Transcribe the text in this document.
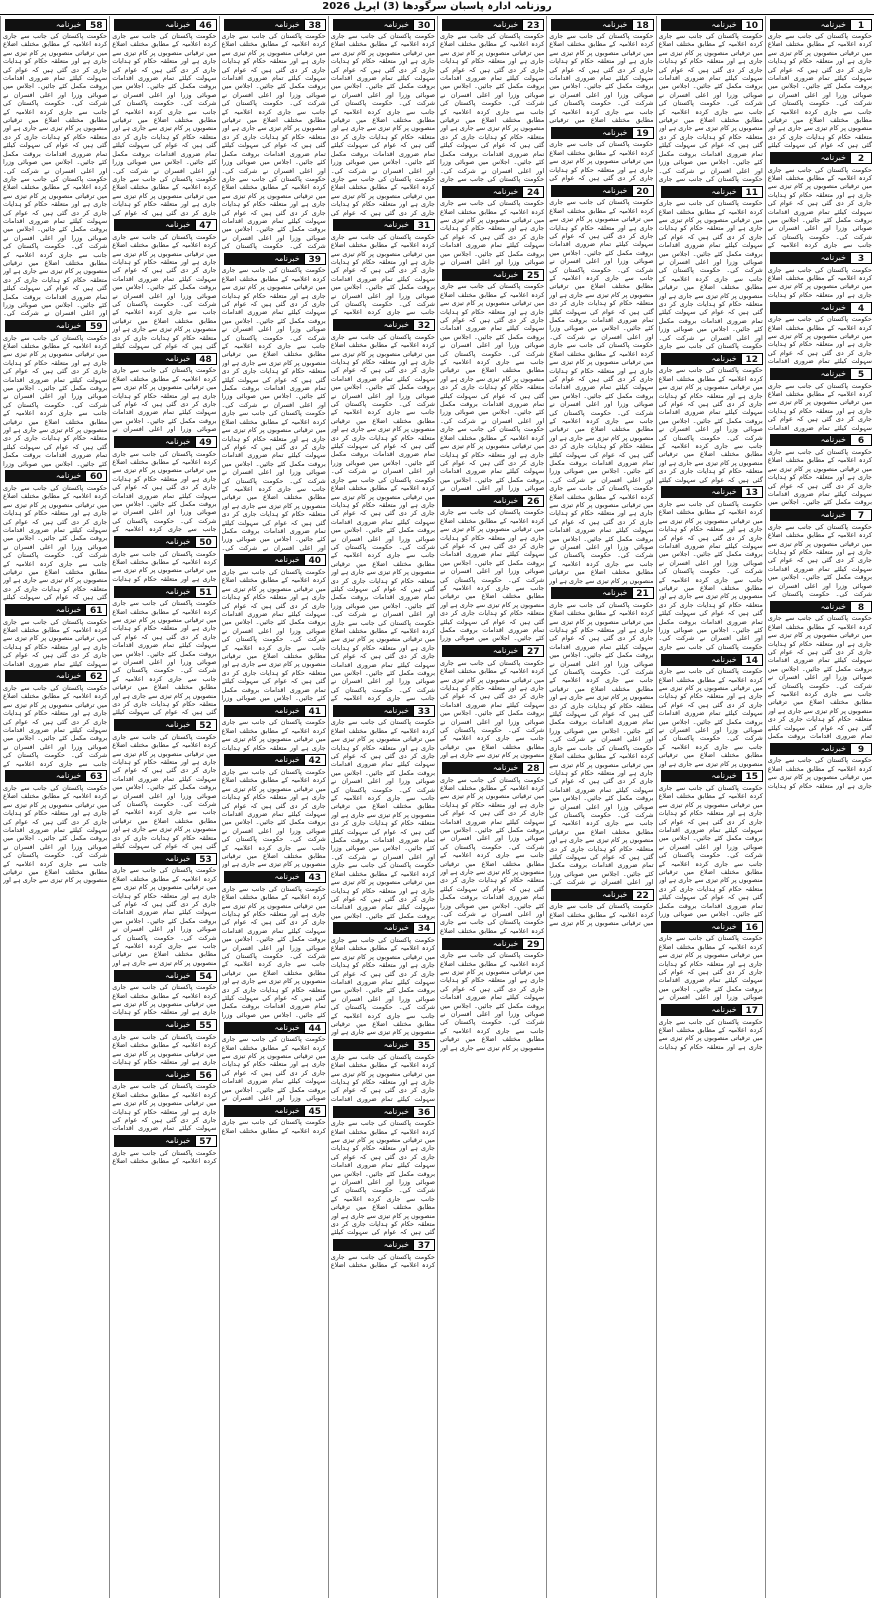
روزنامہ ادارہ پاسبان سرگودھا (3) اپریل 2026
خبرنامہ	1
حکومت پاکستان کی جانب سے جاری کردہ اعلامیہ کے مطابق مختلف اضلاع میں ترقیاتی منصوبوں پر کام تیزی سے جاری ہے اور متعلقہ حکام کو ہدایات جاری کر دی گئی ہیں کہ عوام کی سہولت کیلئے تمام ضروری اقدامات بروقت مکمل کئے جائیں۔ اجلاس میں صوبائی وزرا اور اعلی افسران نے شرکت کی۔ حکومت پاکستان کی جانب سے جاری کردہ اعلامیہ کے مطابق مختلف اضلاع میں ترقیاتی منصوبوں پر کام تیزی سے جاری ہے اور متعلقہ حکام کو ہدایات جاری کر دی گئی ہیں کہ عوام کی سہولت کیلئے
خبرنامہ	2
حکومت پاکستان کی جانب سے جاری کردہ اعلامیہ کے مطابق مختلف اضلاع میں ترقیاتی منصوبوں پر کام تیزی سے جاری ہے اور متعلقہ حکام کو ہدایات جاری کر دی گئی ہیں کہ عوام کی سہولت کیلئے تمام ضروری اقدامات بروقت مکمل کئے جائیں۔ اجلاس میں صوبائی وزرا اور اعلی افسران نے شرکت کی۔ حکومت پاکستان کی جانب سے جاری کردہ اعلامیہ کے
خبرنامہ	3
حکومت پاکستان کی جانب سے جاری کردہ اعلامیہ کے مطابق مختلف اضلاع میں ترقیاتی منصوبوں پر کام تیزی سے جاری ہے اور متعلقہ حکام کو ہدایات
خبرنامہ	4
حکومت پاکستان کی جانب سے جاری کردہ اعلامیہ کے مطابق مختلف اضلاع میں ترقیاتی منصوبوں پر کام تیزی سے جاری ہے اور متعلقہ حکام کو ہدایات جاری کر دی گئی ہیں کہ عوام کی سہولت کیلئے تمام ضروری اقدامات
خبرنامہ	5
حکومت پاکستان کی جانب سے جاری کردہ اعلامیہ کے مطابق مختلف اضلاع میں ترقیاتی منصوبوں پر کام تیزی سے جاری ہے اور متعلقہ حکام کو ہدایات جاری کر دی گئی ہیں کہ عوام کی سہولت کیلئے تمام ضروری اقدامات
خبرنامہ	6
حکومت پاکستان کی جانب سے جاری کردہ اعلامیہ کے مطابق مختلف اضلاع میں ترقیاتی منصوبوں پر کام تیزی سے جاری ہے اور متعلقہ حکام کو ہدایات جاری کر دی گئی ہیں کہ عوام کی سہولت کیلئے تمام ضروری اقدامات بروقت مکمل کئے جائیں۔ اجلاس میں
خبرنامہ	7
حکومت پاکستان کی جانب سے جاری کردہ اعلامیہ کے مطابق مختلف اضلاع میں ترقیاتی منصوبوں پر کام تیزی سے جاری ہے اور متعلقہ حکام کو ہدایات جاری کر دی گئی ہیں کہ عوام کی سہولت کیلئے تمام ضروری اقدامات بروقت مکمل کئے جائیں۔ اجلاس میں صوبائی وزرا اور اعلی افسران نے شرکت کی۔ حکومت پاکستان کی
خبرنامہ	8
حکومت پاکستان کی جانب سے جاری کردہ اعلامیہ کے مطابق مختلف اضلاع میں ترقیاتی منصوبوں پر کام تیزی سے جاری ہے اور متعلقہ حکام کو ہدایات جاری کر دی گئی ہیں کہ عوام کی سہولت کیلئے تمام ضروری اقدامات بروقت مکمل کئے جائیں۔ اجلاس میں صوبائی وزرا اور اعلی افسران نے شرکت کی۔ حکومت پاکستان کی جانب سے جاری کردہ اعلامیہ کے مطابق مختلف اضلاع میں ترقیاتی منصوبوں پر کام تیزی سے جاری ہے اور متعلقہ حکام کو ہدایات جاری کر دی گئی ہیں کہ عوام کی سہولت کیلئے تمام ضروری اقدامات بروقت مکمل
خبرنامہ	9
حکومت پاکستان کی جانب سے جاری کردہ اعلامیہ کے مطابق مختلف اضلاع میں ترقیاتی منصوبوں پر کام تیزی سے جاری ہے اور متعلقہ حکام کو ہدایات
خبرنامہ 10
حکومت پاکستان کی جانب سے جاری کردہ اعلامیہ کے مطابق مختلف اضلاع میں ترقیاتی منصوبوں پر کام تیزی سے جاری ہے اور متعلقہ حکام کو ہدایات جاری کر دی گئی ہیں کہ عوام کی سہولت کیلئے تمام ضروری اقدامات بروقت مکمل کئے جائیں۔ اجلاس میں صوبائی وزرا اور اعلی افسران نے شرکت کی۔ حکومت پاکستان کی جانب سے جاری کردہ اعلامیہ کے مطابق مختلف اضلاع میں ترقیاتی منصوبوں پر کام تیزی سے جاری ہے اور متعلقہ حکام کو ہدایات جاری کر دی گئی ہیں کہ عوام کی سہولت کیلئے تمام ضروری اقدامات بروقت مکمل کئے جائیں۔ اجلاس میں صوبائی وزرا اور اعلی افسران نے شرکت کی۔ حکومت پاکستان کی جانب سے جاری
خبرنامہ 11
حکومت پاکستان کی جانب سے جاری کردہ اعلامیہ کے مطابق مختلف اضلاع میں ترقیاتی منصوبوں پر کام تیزی سے جاری ہے اور متعلقہ حکام کو ہدایات جاری کر دی گئی ہیں کہ عوام کی سہولت کیلئے تمام ضروری اقدامات بروقت مکمل کئے جائیں۔ اجلاس میں صوبائی وزرا اور اعلی افسران نے شرکت کی۔ حکومت پاکستان کی جانب سے جاری کردہ اعلامیہ کے مطابق مختلف اضلاع میں ترقیاتی منصوبوں پر کام تیزی سے جاری ہے اور متعلقہ حکام کو ہدایات جاری کر دی گئی ہیں کہ عوام کی سہولت کیلئے تمام ضروری اقدامات بروقت مکمل کئے جائیں۔ اجلاس میں صوبائی وزرا اور اعلی افسران نے شرکت کی۔ حکومت پاکستان کی جانب سے جاری
خبرنامہ 12
حکومت پاکستان کی جانب سے جاری کردہ اعلامیہ کے مطابق مختلف اضلاع میں ترقیاتی منصوبوں پر کام تیزی سے جاری ہے اور متعلقہ حکام کو ہدایات جاری کر دی گئی ہیں کہ عوام کی سہولت کیلئے تمام ضروری اقدامات بروقت مکمل کئے جائیں۔ اجلاس میں صوبائی وزرا اور اعلی افسران نے شرکت کی۔ حکومت پاکستان کی جانب سے جاری کردہ اعلامیہ کے مطابق مختلف اضلاع میں ترقیاتی منصوبوں پر کام تیزی سے جاری ہے اور متعلقہ حکام کو ہدایات جاری کر دی گئی ہیں کہ عوام کی سہولت کیلئے
خبرنامہ 13
حکومت پاکستان کی جانب سے جاری کردہ اعلامیہ کے مطابق مختلف اضلاع میں ترقیاتی منصوبوں پر کام تیزی سے جاری ہے اور متعلقہ حکام کو ہدایات جاری کر دی گئی ہیں کہ عوام کی سہولت کیلئے تمام ضروری اقدامات بروقت مکمل کئے جائیں۔ اجلاس میں صوبائی وزرا اور اعلی افسران نے شرکت کی۔ حکومت پاکستان کی جانب سے جاری کردہ اعلامیہ کے مطابق مختلف اضلاع میں ترقیاتی منصوبوں پر کام تیزی سے جاری ہے اور متعلقہ حکام کو ہدایات جاری کر دی گئی ہیں کہ عوام کی سہولت کیلئے تمام ضروری اقدامات بروقت مکمل کئے جائیں۔ اجلاس میں صوبائی وزرا اور اعلی افسران نے شرکت کی۔ حکومت پاکستان کی جانب سے جاری
خبرنامہ 14
حکومت پاکستان کی جانب سے جاری کردہ اعلامیہ کے مطابق مختلف اضلاع میں ترقیاتی منصوبوں پر کام تیزی سے جاری ہے اور متعلقہ حکام کو ہدایات جاری کر دی گئی ہیں کہ عوام کی سہولت کیلئے تمام ضروری اقدامات بروقت مکمل کئے جائیں۔ اجلاس میں صوبائی وزرا اور اعلی افسران نے شرکت کی۔ حکومت پاکستان کی جانب سے جاری کردہ اعلامیہ کے مطابق مختلف اضلاع میں ترقیاتی منصوبوں پر کام تیزی سے جاری ہے اور
خبرنامہ 15
حکومت پاکستان کی جانب سے جاری کردہ اعلامیہ کے مطابق مختلف اضلاع میں ترقیاتی منصوبوں پر کام تیزی سے جاری ہے اور متعلقہ حکام کو ہدایات جاری کر دی گئی ہیں کہ عوام کی سہولت کیلئے تمام ضروری اقدامات بروقت مکمل کئے جائیں۔ اجلاس میں صوبائی وزرا اور اعلی افسران نے شرکت کی۔ حکومت پاکستان کی جانب سے جاری کردہ اعلامیہ کے مطابق مختلف اضلاع میں ترقیاتی منصوبوں پر کام تیزی سے جاری ہے اور متعلقہ حکام کو ہدایات جاری کر دی گئی ہیں کہ عوام کی سہولت کیلئے تمام ضروری اقدامات بروقت مکمل کئے جائیں۔ اجلاس میں صوبائی وزرا
خبرنامہ 16
حکومت پاکستان کی جانب سے جاری کردہ اعلامیہ کے مطابق مختلف اضلاع میں ترقیاتی منصوبوں پر کام تیزی سے جاری ہے اور متعلقہ حکام کو ہدایات جاری کر دی گئی ہیں کہ عوام کی سہولت کیلئے تمام ضروری اقدامات بروقت مکمل کئے جائیں۔ اجلاس میں صوبائی وزرا اور اعلی افسران نے
خبرنامہ 17
حکومت پاکستان کی جانب سے جاری کردہ اعلامیہ کے مطابق مختلف اضلاع میں ترقیاتی منصوبوں پر کام تیزی سے جاری ہے اور متعلقہ حکام کو ہدایات
خبرنامہ 18
حکومت پاکستان کی جانب سے جاری کردہ اعلامیہ کے مطابق مختلف اضلاع میں ترقیاتی منصوبوں پر کام تیزی سے جاری ہے اور متعلقہ حکام کو ہدایات جاری کر دی گئی ہیں کہ عوام کی سہولت کیلئے تمام ضروری اقدامات بروقت مکمل کئے جائیں۔ اجلاس میں صوبائی وزرا اور اعلی افسران نے شرکت کی۔ حکومت پاکستان کی جانب سے جاری کردہ اعلامیہ کے مطابق مختلف اضلاع میں ترقیاتی
خبرنامہ 19
حکومت پاکستان کی جانب سے جاری کردہ اعلامیہ کے مطابق مختلف اضلاع میں ترقیاتی منصوبوں پر کام تیزی سے جاری ہے اور متعلقہ حکام کو ہدایات جاری کر دی گئی ہیں کہ عوام کی
خبرنامہ 20
حکومت پاکستان کی جانب سے جاری کردہ اعلامیہ کے مطابق مختلف اضلاع میں ترقیاتی منصوبوں پر کام تیزی سے جاری ہے اور متعلقہ حکام کو ہدایات جاری کر دی گئی ہیں کہ عوام کی سہولت کیلئے تمام ضروری اقدامات بروقت مکمل کئے جائیں۔ اجلاس میں صوبائی وزرا اور اعلی افسران نے شرکت کی۔ حکومت پاکستان کی جانب سے جاری کردہ اعلامیہ کے مطابق مختلف اضلاع میں ترقیاتی منصوبوں پر کام تیزی سے جاری ہے اور متعلقہ حکام کو ہدایات جاری کر دی گئی ہیں کہ عوام کی سہولت کیلئے تمام ضروری اقدامات بروقت مکمل کئے جائیں۔ اجلاس میں صوبائی وزرا اور اعلی افسران نے شرکت کی۔ حکومت پاکستان کی جانب سے جاری کردہ اعلامیہ کے مطابق مختلف اضلاع میں ترقیاتی منصوبوں پر کام تیزی سے جاری ہے اور متعلقہ حکام کو ہدایات جاری کر دی گئی ہیں کہ عوام کی سہولت کیلئے تمام ضروری اقدامات بروقت مکمل کئے جائیں۔ اجلاس میں صوبائی وزرا اور اعلی افسران نے شرکت کی۔ حکومت پاکستان کی جانب سے جاری کردہ اعلامیہ کے مطابق مختلف اضلاع میں ترقیاتی منصوبوں پر کام تیزی سے جاری ہے اور متعلقہ حکام کو ہدایات جاری کر دی گئی ہیں کہ عوام کی سہولت کیلئے تمام ضروری اقدامات بروقت مکمل کئے جائیں۔ اجلاس میں صوبائی وزرا اور اعلی افسران نے شرکت کی۔ حکومت پاکستان کی جانب سے جاری کردہ اعلامیہ کے مطابق مختلف اضلاع میں ترقیاتی منصوبوں پر کام تیزی سے جاری ہے اور متعلقہ حکام کو ہدایات جاری کر دی گئی ہیں کہ عوام کی سہولت کیلئے تمام ضروری اقدامات بروقت مکمل کئے جائیں۔ اجلاس میں صوبائی وزرا اور اعلی افسران نے شرکت کی۔ حکومت پاکستان کی جانب سے جاری کردہ اعلامیہ کے مطابق مختلف اضلاع میں ترقیاتی منصوبوں پر کام تیزی سے جاری ہے اور
خبرنامہ 21
حکومت پاکستان کی جانب سے جاری کردہ اعلامیہ کے مطابق مختلف اضلاع میں ترقیاتی منصوبوں پر کام تیزی سے جاری ہے اور متعلقہ حکام کو ہدایات جاری کر دی گئی ہیں کہ عوام کی سہولت کیلئے تمام ضروری اقدامات بروقت مکمل کئے جائیں۔ اجلاس میں صوبائی وزرا اور اعلی افسران نے شرکت کی۔ حکومت پاکستان کی جانب سے جاری کردہ اعلامیہ کے مطابق مختلف اضلاع میں ترقیاتی منصوبوں پر کام تیزی سے جاری ہے اور متعلقہ حکام کو ہدایات جاری کر دی گئی ہیں کہ عوام کی سہولت کیلئے تمام ضروری اقدامات بروقت مکمل کئے جائیں۔ اجلاس میں صوبائی وزرا اور اعلی افسران نے شرکت کی۔ حکومت پاکستان کی جانب سے جاری کردہ اعلامیہ کے مطابق مختلف اضلاع میں ترقیاتی منصوبوں پر کام تیزی سے جاری ہے اور متعلقہ حکام کو ہدایات جاری کر دی گئی ہیں کہ عوام کی سہولت کیلئے تمام ضروری اقدامات بروقت مکمل کئے جائیں۔ اجلاس میں صوبائی وزرا اور اعلی افسران نے شرکت کی۔ حکومت پاکستان کی جانب سے جاری کردہ اعلامیہ کے مطابق مختلف اضلاع میں ترقیاتی منصوبوں پر کام تیزی سے جاری ہے اور متعلقہ حکام کو ہدایات جاری کر دی گئی ہیں کہ عوام کی سہولت کیلئے تمام ضروری اقدامات بروقت مکمل کئے جائیں۔ اجلاس میں صوبائی وزرا اور اعلی افسران نے شرکت کی۔
خبرنامہ 22
حکومت پاکستان کی جانب سے جاری کردہ اعلامیہ کے مطابق مختلف اضلاع میں ترقیاتی منصوبوں پر کام تیزی سے
خبرنامہ 23
حکومت پاکستان کی جانب سے جاری کردہ اعلامیہ کے مطابق مختلف اضلاع میں ترقیاتی منصوبوں پر کام تیزی سے جاری ہے اور متعلقہ حکام کو ہدایات جاری کر دی گئی ہیں کہ عوام کی سہولت کیلئے تمام ضروری اقدامات بروقت مکمل کئے جائیں۔ اجلاس میں صوبائی وزرا اور اعلی افسران نے شرکت کی۔ حکومت پاکستان کی جانب سے جاری کردہ اعلامیہ کے مطابق مختلف اضلاع میں ترقیاتی منصوبوں پر کام تیزی سے جاری ہے اور متعلقہ حکام کو ہدایات جاری کر دی گئی ہیں کہ عوام کی سہولت کیلئے تمام ضروری اقدامات بروقت مکمل کئے جائیں۔ اجلاس میں صوبائی وزرا اور اعلی افسران نے شرکت کی۔ حکومت پاکستان کی جانب سے جاری
خبرنامہ 24
حکومت پاکستان کی جانب سے جاری کردہ اعلامیہ کے مطابق مختلف اضلاع میں ترقیاتی منصوبوں پر کام تیزی سے جاری ہے اور متعلقہ حکام کو ہدایات جاری کر دی گئی ہیں کہ عوام کی سہولت کیلئے تمام ضروری اقدامات بروقت مکمل کئے جائیں۔ اجلاس میں صوبائی وزرا اور اعلی افسران نے
خبرنامہ 25
حکومت پاکستان کی جانب سے جاری کردہ اعلامیہ کے مطابق مختلف اضلاع میں ترقیاتی منصوبوں پر کام تیزی سے جاری ہے اور متعلقہ حکام کو ہدایات جاری کر دی گئی ہیں کہ عوام کی سہولت کیلئے تمام ضروری اقدامات بروقت مکمل کئے جائیں۔ اجلاس میں صوبائی وزرا اور اعلی افسران نے شرکت کی۔ حکومت پاکستان کی جانب سے جاری کردہ اعلامیہ کے مطابق مختلف اضلاع میں ترقیاتی منصوبوں پر کام تیزی سے جاری ہے اور متعلقہ حکام کو ہدایات جاری کر دی گئی ہیں کہ عوام کی سہولت کیلئے تمام ضروری اقدامات بروقت مکمل کئے جائیں۔ اجلاس میں صوبائی وزرا اور اعلی افسران نے شرکت کی۔ حکومت پاکستان کی جانب سے جاری کردہ اعلامیہ کے مطابق مختلف اضلاع میں ترقیاتی منصوبوں پر کام تیزی سے جاری ہے اور متعلقہ حکام کو ہدایات جاری کر دی گئی ہیں کہ عوام کی سہولت کیلئے تمام ضروری اقدامات بروقت مکمل کئے جائیں۔ اجلاس میں صوبائی وزرا اور اعلی افسران نے
خبرنامہ 26
حکومت پاکستان کی جانب سے جاری کردہ اعلامیہ کے مطابق مختلف اضلاع میں ترقیاتی منصوبوں پر کام تیزی سے جاری ہے اور متعلقہ حکام کو ہدایات جاری کر دی گئی ہیں کہ عوام کی سہولت کیلئے تمام ضروری اقدامات بروقت مکمل کئے جائیں۔ اجلاس میں صوبائی وزرا اور اعلی افسران نے شرکت کی۔ حکومت پاکستان کی جانب سے جاری کردہ اعلامیہ کے مطابق مختلف اضلاع میں ترقیاتی منصوبوں پر کام تیزی سے جاری ہے اور متعلقہ حکام کو ہدایات جاری کر دی گئی ہیں کہ عوام کی سہولت کیلئے تمام ضروری اقدامات بروقت مکمل کئے جائیں۔ اجلاس میں صوبائی وزرا
خبرنامہ 27
حکومت پاکستان کی جانب سے جاری کردہ اعلامیہ کے مطابق مختلف اضلاع میں ترقیاتی منصوبوں پر کام تیزی سے جاری ہے اور متعلقہ حکام کو ہدایات جاری کر دی گئی ہیں کہ عوام کی سہولت کیلئے تمام ضروری اقدامات بروقت مکمل کئے جائیں۔ اجلاس میں صوبائی وزرا اور اعلی افسران نے شرکت کی۔ حکومت پاکستان کی جانب سے جاری کردہ اعلامیہ کے مطابق مختلف اضلاع میں ترقیاتی منصوبوں پر کام تیزی سے جاری ہے اور
خبرنامہ 28
حکومت پاکستان کی جانب سے جاری کردہ اعلامیہ کے مطابق مختلف اضلاع میں ترقیاتی منصوبوں پر کام تیزی سے جاری ہے اور متعلقہ حکام کو ہدایات جاری کر دی گئی ہیں کہ عوام کی سہولت کیلئے تمام ضروری اقدامات بروقت مکمل کئے جائیں۔ اجلاس میں صوبائی وزرا اور اعلی افسران نے شرکت کی۔ حکومت پاکستان کی جانب سے جاری کردہ اعلامیہ کے مطابق مختلف اضلاع میں ترقیاتی منصوبوں پر کام تیزی سے جاری ہے اور متعلقہ حکام کو ہدایات جاری کر دی گئی ہیں کہ عوام کی سہولت کیلئے تمام ضروری اقدامات بروقت مکمل کئے جائیں۔ اجلاس میں صوبائی وزرا اور اعلی افسران نے شرکت کی۔ حکومت پاکستان کی جانب سے جاری کردہ اعلامیہ کے مطابق مختلف اضلاع
خبرنامہ 29
حکومت پاکستان کی جانب سے جاری کردہ اعلامیہ کے مطابق مختلف اضلاع میں ترقیاتی منصوبوں پر کام تیزی سے جاری ہے اور متعلقہ حکام کو ہدایات جاری کر دی گئی ہیں کہ عوام کی سہولت کیلئے تمام ضروری اقدامات بروقت مکمل کئے جائیں۔ اجلاس میں صوبائی وزرا اور اعلی افسران نے شرکت کی۔ حکومت پاکستان کی جانب سے جاری کردہ اعلامیہ کے مطابق مختلف اضلاع میں ترقیاتی منصوبوں پر کام تیزی سے جاری ہے اور
خبرنامہ 30
حکومت پاکستان کی جانب سے جاری کردہ اعلامیہ کے مطابق مختلف اضلاع میں ترقیاتی منصوبوں پر کام تیزی سے جاری ہے اور متعلقہ حکام کو ہدایات جاری کر دی گئی ہیں کہ عوام کی سہولت کیلئے تمام ضروری اقدامات بروقت مکمل کئے جائیں۔ اجلاس میں صوبائی وزرا اور اعلی افسران نے شرکت کی۔ حکومت پاکستان کی جانب سے جاری کردہ اعلامیہ کے مطابق مختلف اضلاع میں ترقیاتی منصوبوں پر کام تیزی سے جاری ہے اور متعلقہ حکام کو ہدایات جاری کر دی گئی ہیں کہ عوام کی سہولت کیلئے تمام ضروری اقدامات بروقت مکمل کئے جائیں۔ اجلاس میں صوبائی وزرا اور اعلی افسران نے شرکت کی۔ حکومت پاکستان کی جانب سے جاری کردہ اعلامیہ کے مطابق مختلف اضلاع میں ترقیاتی منصوبوں پر کام تیزی سے جاری ہے اور متعلقہ حکام کو ہدایات جاری کر دی گئی ہیں کہ عوام کی
خبرنامہ 31
حکومت پاکستان کی جانب سے جاری کردہ اعلامیہ کے مطابق مختلف اضلاع میں ترقیاتی منصوبوں پر کام تیزی سے جاری ہے اور متعلقہ حکام کو ہدایات جاری کر دی گئی ہیں کہ عوام کی سہولت کیلئے تمام ضروری اقدامات بروقت مکمل کئے جائیں۔ اجلاس میں صوبائی وزرا اور اعلی افسران نے شرکت کی۔ حکومت پاکستان کی جانب سے جاری کردہ اعلامیہ کے
خبرنامہ 32
حکومت پاکستان کی جانب سے جاری کردہ اعلامیہ کے مطابق مختلف اضلاع میں ترقیاتی منصوبوں پر کام تیزی سے جاری ہے اور متعلقہ حکام کو ہدایات جاری کر دی گئی ہیں کہ عوام کی سہولت کیلئے تمام ضروری اقدامات بروقت مکمل کئے جائیں۔ اجلاس میں صوبائی وزرا اور اعلی افسران نے شرکت کی۔ حکومت پاکستان کی جانب سے جاری کردہ اعلامیہ کے مطابق مختلف اضلاع میں ترقیاتی منصوبوں پر کام تیزی سے جاری ہے اور متعلقہ حکام کو ہدایات جاری کر دی گئی ہیں کہ عوام کی سہولت کیلئے تمام ضروری اقدامات بروقت مکمل کئے جائیں۔ اجلاس میں صوبائی وزرا اور اعلی افسران نے شرکت کی۔ حکومت پاکستان کی جانب سے جاری کردہ اعلامیہ کے مطابق مختلف اضلاع میں ترقیاتی منصوبوں پر کام تیزی سے جاری ہے اور متعلقہ حکام کو ہدایات جاری کر دی گئی ہیں کہ عوام کی سہولت کیلئے تمام ضروری اقدامات بروقت مکمل کئے جائیں۔ اجلاس میں صوبائی وزرا اور اعلی افسران نے شرکت کی۔ حکومت پاکستان کی جانب سے جاری کردہ اعلامیہ کے مطابق مختلف اضلاع میں ترقیاتی منصوبوں پر کام تیزی سے جاری ہے اور متعلقہ حکام کو ہدایات جاری کر دی گئی ہیں کہ عوام کی سہولت کیلئے تمام ضروری اقدامات بروقت مکمل کئے جائیں۔ اجلاس میں صوبائی وزرا اور اعلی افسران نے شرکت کی۔ حکومت پاکستان کی جانب سے جاری کردہ اعلامیہ کے مطابق مختلف اضلاع میں ترقیاتی منصوبوں پر کام تیزی سے جاری ہے اور متعلقہ حکام کو ہدایات جاری کر دی گئی ہیں کہ عوام کی سہولت کیلئے تمام ضروری اقدامات بروقت مکمل کئے جائیں۔ اجلاس میں صوبائی وزرا اور اعلی افسران نے شرکت کی۔ حکومت پاکستان کی جانب سے جاری کردہ اعلامیہ کے
خبرنامہ 33
حکومت پاکستان کی جانب سے جاری کردہ اعلامیہ کے مطابق مختلف اضلاع میں ترقیاتی منصوبوں پر کام تیزی سے جاری ہے اور متعلقہ حکام کو ہدایات جاری کر دی گئی ہیں کہ عوام کی سہولت کیلئے تمام ضروری اقدامات بروقت مکمل کئے جائیں۔ اجلاس میں صوبائی وزرا اور اعلی افسران نے شرکت کی۔ حکومت پاکستان کی جانب سے جاری کردہ اعلامیہ کے مطابق مختلف اضلاع میں ترقیاتی منصوبوں پر کام تیزی سے جاری ہے اور متعلقہ حکام کو ہدایات جاری کر دی گئی ہیں کہ عوام کی سہولت کیلئے تمام ضروری اقدامات بروقت مکمل کئے جائیں۔ اجلاس میں صوبائی وزرا اور اعلی افسران نے شرکت کی۔ حکومت پاکستان کی جانب سے جاری کردہ اعلامیہ کے مطابق مختلف اضلاع میں ترقیاتی منصوبوں پر کام تیزی سے جاری ہے اور متعلقہ حکام کو ہدایات جاری کر دی گئی ہیں کہ عوام کی سہولت کیلئے تمام ضروری اقدامات بروقت مکمل کئے جائیں۔ اجلاس میں
خبرنامہ 34
حکومت پاکستان کی جانب سے جاری کردہ اعلامیہ کے مطابق مختلف اضلاع میں ترقیاتی منصوبوں پر کام تیزی سے جاری ہے اور متعلقہ حکام کو ہدایات جاری کر دی گئی ہیں کہ عوام کی سہولت کیلئے تمام ضروری اقدامات بروقت مکمل کئے جائیں۔ اجلاس میں صوبائی وزرا اور اعلی افسران نے شرکت کی۔ حکومت پاکستان کی جانب سے جاری کردہ اعلامیہ کے مطابق مختلف اضلاع میں ترقیاتی منصوبوں پر کام تیزی سے جاری ہے اور
خبرنامہ 35
حکومت پاکستان کی جانب سے جاری کردہ اعلامیہ کے مطابق مختلف اضلاع میں ترقیاتی منصوبوں پر کام تیزی سے جاری ہے اور متعلقہ حکام کو ہدایات جاری کر دی گئی ہیں کہ عوام کی سہولت کیلئے تمام ضروری اقدامات
خبرنامہ 36
حکومت پاکستان کی جانب سے جاری کردہ اعلامیہ کے مطابق مختلف اضلاع میں ترقیاتی منصوبوں پر کام تیزی سے جاری ہے اور متعلقہ حکام کو ہدایات جاری کر دی گئی ہیں کہ عوام کی سہولت کیلئے تمام ضروری اقدامات بروقت مکمل کئے جائیں۔ اجلاس میں صوبائی وزرا اور اعلی افسران نے شرکت کی۔ حکومت پاکستان کی جانب سے جاری کردہ اعلامیہ کے مطابق مختلف اضلاع میں ترقیاتی منصوبوں پر کام تیزی سے جاری ہے اور متعلقہ حکام کو ہدایات جاری کر دی گئی ہیں کہ عوام کی سہولت کیلئے
خبرنامہ 37
حکومت پاکستان کی جانب سے جاری کردہ اعلامیہ کے مطابق مختلف اضلاع
خبرنامہ 38
حکومت پاکستان کی جانب سے جاری کردہ اعلامیہ کے مطابق مختلف اضلاع میں ترقیاتی منصوبوں پر کام تیزی سے جاری ہے اور متعلقہ حکام کو ہدایات جاری کر دی گئی ہیں کہ عوام کی سہولت کیلئے تمام ضروری اقدامات بروقت مکمل کئے جائیں۔ اجلاس میں صوبائی وزرا اور اعلی افسران نے شرکت کی۔ حکومت پاکستان کی جانب سے جاری کردہ اعلامیہ کے مطابق مختلف اضلاع میں ترقیاتی منصوبوں پر کام تیزی سے جاری ہے اور متعلقہ حکام کو ہدایات جاری کر دی گئی ہیں کہ عوام کی سہولت کیلئے تمام ضروری اقدامات بروقت مکمل کئے جائیں۔ اجلاس میں صوبائی وزرا اور اعلی افسران نے شرکت کی۔ حکومت پاکستان کی جانب سے جاری کردہ اعلامیہ کے مطابق مختلف اضلاع میں ترقیاتی منصوبوں پر کام تیزی سے جاری ہے اور متعلقہ حکام کو ہدایات جاری کر دی گئی ہیں کہ عوام کی سہولت کیلئے تمام ضروری اقدامات بروقت مکمل کئے جائیں۔ اجلاس میں صوبائی وزرا اور اعلی افسران نے شرکت کی۔ حکومت پاکستان کی
خبرنامہ 39
حکومت پاکستان کی جانب سے جاری کردہ اعلامیہ کے مطابق مختلف اضلاع میں ترقیاتی منصوبوں پر کام تیزی سے جاری ہے اور متعلقہ حکام کو ہدایات جاری کر دی گئی ہیں کہ عوام کی سہولت کیلئے تمام ضروری اقدامات بروقت مکمل کئے جائیں۔ اجلاس میں صوبائی وزرا اور اعلی افسران نے شرکت کی۔ حکومت پاکستان کی جانب سے جاری کردہ اعلامیہ کے مطابق مختلف اضلاع میں ترقیاتی منصوبوں پر کام تیزی سے جاری ہے اور متعلقہ حکام کو ہدایات جاری کر دی گئی ہیں کہ عوام کی سہولت کیلئے تمام ضروری اقدامات بروقت مکمل کئے جائیں۔ اجلاس میں صوبائی وزرا اور اعلی افسران نے شرکت کی۔ حکومت پاکستان کی جانب سے جاری کردہ اعلامیہ کے مطابق مختلف اضلاع میں ترقیاتی منصوبوں پر کام تیزی سے جاری ہے اور متعلقہ حکام کو ہدایات جاری کر دی گئی ہیں کہ عوام کی سہولت کیلئے تمام ضروری اقدامات بروقت مکمل کئے جائیں۔ اجلاس میں صوبائی وزرا اور اعلی افسران نے شرکت کی۔ حکومت پاکستان کی جانب سے جاری کردہ اعلامیہ کے مطابق مختلف اضلاع میں ترقیاتی منصوبوں پر کام تیزی سے جاری ہے اور متعلقہ حکام کو ہدایات جاری کر دی گئی ہیں کہ عوام کی سہولت کیلئے تمام ضروری اقدامات بروقت مکمل کئے جائیں۔ اجلاس میں صوبائی وزرا اور اعلی افسران نے شرکت کی۔
خبرنامہ 40
حکومت پاکستان کی جانب سے جاری کردہ اعلامیہ کے مطابق مختلف اضلاع میں ترقیاتی منصوبوں پر کام تیزی سے جاری ہے اور متعلقہ حکام کو ہدایات جاری کر دی گئی ہیں کہ عوام کی سہولت کیلئے تمام ضروری اقدامات بروقت مکمل کئے جائیں۔ اجلاس میں صوبائی وزرا اور اعلی افسران نے شرکت کی۔ حکومت پاکستان کی جانب سے جاری کردہ اعلامیہ کے مطابق مختلف اضلاع میں ترقیاتی منصوبوں پر کام تیزی سے جاری ہے اور متعلقہ حکام کو ہدایات جاری کر دی گئی ہیں کہ عوام کی سہولت کیلئے تمام ضروری اقدامات بروقت مکمل کئے جائیں۔ اجلاس میں صوبائی وزرا
خبرنامہ 41
حکومت پاکستان کی جانب سے جاری کردہ اعلامیہ کے مطابق مختلف اضلاع میں ترقیاتی منصوبوں پر کام تیزی سے جاری ہے اور متعلقہ حکام کو ہدایات
خبرنامہ 42
حکومت پاکستان کی جانب سے جاری کردہ اعلامیہ کے مطابق مختلف اضلاع میں ترقیاتی منصوبوں پر کام تیزی سے جاری ہے اور متعلقہ حکام کو ہدایات جاری کر دی گئی ہیں کہ عوام کی سہولت کیلئے تمام ضروری اقدامات بروقت مکمل کئے جائیں۔ اجلاس میں صوبائی وزرا اور اعلی افسران نے شرکت کی۔ حکومت پاکستان کی جانب سے جاری کردہ اعلامیہ کے مطابق مختلف اضلاع میں ترقیاتی منصوبوں پر کام تیزی سے جاری ہے اور
خبرنامہ 43
حکومت پاکستان کی جانب سے جاری کردہ اعلامیہ کے مطابق مختلف اضلاع میں ترقیاتی منصوبوں پر کام تیزی سے جاری ہے اور متعلقہ حکام کو ہدایات جاری کر دی گئی ہیں کہ عوام کی سہولت کیلئے تمام ضروری اقدامات بروقت مکمل کئے جائیں۔ اجلاس میں صوبائی وزرا اور اعلی افسران نے شرکت کی۔ حکومت پاکستان کی جانب سے جاری کردہ اعلامیہ کے مطابق مختلف اضلاع میں ترقیاتی منصوبوں پر کام تیزی سے جاری ہے اور متعلقہ حکام کو ہدایات جاری کر دی گئی ہیں کہ عوام کی سہولت کیلئے تمام ضروری اقدامات بروقت مکمل کئے جائیں۔ اجلاس میں صوبائی وزرا
خبرنامہ 44
حکومت پاکستان کی جانب سے جاری کردہ اعلامیہ کے مطابق مختلف اضلاع میں ترقیاتی منصوبوں پر کام تیزی سے جاری ہے اور متعلقہ حکام کو ہدایات جاری کر دی گئی ہیں کہ عوام کی سہولت کیلئے تمام ضروری اقدامات بروقت مکمل کئے جائیں۔ اجلاس میں صوبائی وزرا اور اعلی افسران نے
خبرنامہ 45
حکومت پاکستان کی جانب سے جاری کردہ اعلامیہ کے مطابق مختلف اضلاع
خبرنامہ 46
حکومت پاکستان کی جانب سے جاری کردہ اعلامیہ کے مطابق مختلف اضلاع میں ترقیاتی منصوبوں پر کام تیزی سے جاری ہے اور متعلقہ حکام کو ہدایات جاری کر دی گئی ہیں کہ عوام کی سہولت کیلئے تمام ضروری اقدامات بروقت مکمل کئے جائیں۔ اجلاس میں صوبائی وزرا اور اعلی افسران نے شرکت کی۔ حکومت پاکستان کی جانب سے جاری کردہ اعلامیہ کے مطابق مختلف اضلاع میں ترقیاتی منصوبوں پر کام تیزی سے جاری ہے اور متعلقہ حکام کو ہدایات جاری کر دی گئی ہیں کہ عوام کی سہولت کیلئے تمام ضروری اقدامات بروقت مکمل کئے جائیں۔ اجلاس میں صوبائی وزرا اور اعلی افسران نے شرکت کی۔ حکومت پاکستان کی جانب سے جاری کردہ اعلامیہ کے مطابق مختلف اضلاع میں ترقیاتی منصوبوں پر کام تیزی سے جاری ہے اور متعلقہ حکام کو ہدایات جاری کر دی گئی ہیں کہ عوام کی
خبرنامہ 47
حکومت پاکستان کی جانب سے جاری کردہ اعلامیہ کے مطابق مختلف اضلاع میں ترقیاتی منصوبوں پر کام تیزی سے جاری ہے اور متعلقہ حکام کو ہدایات جاری کر دی گئی ہیں کہ عوام کی سہولت کیلئے تمام ضروری اقدامات بروقت مکمل کئے جائیں۔ اجلاس میں صوبائی وزرا اور اعلی افسران نے شرکت کی۔ حکومت پاکستان کی جانب سے جاری کردہ اعلامیہ کے مطابق مختلف اضلاع میں ترقیاتی منصوبوں پر کام تیزی سے جاری ہے اور متعلقہ حکام کو ہدایات جاری کر دی گئی ہیں کہ عوام کی سہولت کیلئے
خبرنامہ 48
حکومت پاکستان کی جانب سے جاری کردہ اعلامیہ کے مطابق مختلف اضلاع میں ترقیاتی منصوبوں پر کام تیزی سے جاری ہے اور متعلقہ حکام کو ہدایات جاری کر دی گئی ہیں کہ عوام کی سہولت کیلئے تمام ضروری اقدامات بروقت مکمل کئے جائیں۔ اجلاس میں صوبائی وزرا اور اعلی افسران نے
خبرنامہ 49
حکومت پاکستان کی جانب سے جاری کردہ اعلامیہ کے مطابق مختلف اضلاع میں ترقیاتی منصوبوں پر کام تیزی سے جاری ہے اور متعلقہ حکام کو ہدایات جاری کر دی گئی ہیں کہ عوام کی سہولت کیلئے تمام ضروری اقدامات بروقت مکمل کئے جائیں۔ اجلاس میں صوبائی وزرا اور اعلی افسران نے شرکت کی۔ حکومت پاکستان کی جانب سے جاری کردہ اعلامیہ کے
خبرنامہ 50
حکومت پاکستان کی جانب سے جاری کردہ اعلامیہ کے مطابق مختلف اضلاع میں ترقیاتی منصوبوں پر کام تیزی سے جاری ہے اور متعلقہ حکام کو ہدایات
خبرنامہ 51
حکومت پاکستان کی جانب سے جاری کردہ اعلامیہ کے مطابق مختلف اضلاع میں ترقیاتی منصوبوں پر کام تیزی سے جاری ہے اور متعلقہ حکام کو ہدایات جاری کر دی گئی ہیں کہ عوام کی سہولت کیلئے تمام ضروری اقدامات بروقت مکمل کئے جائیں۔ اجلاس میں صوبائی وزرا اور اعلی افسران نے شرکت کی۔ حکومت پاکستان کی جانب سے جاری کردہ اعلامیہ کے مطابق مختلف اضلاع میں ترقیاتی منصوبوں پر کام تیزی سے جاری ہے اور متعلقہ حکام کو ہدایات جاری کر دی گئی ہیں کہ عوام کی سہولت کیلئے
خبرنامہ 52
حکومت پاکستان کی جانب سے جاری کردہ اعلامیہ کے مطابق مختلف اضلاع میں ترقیاتی منصوبوں پر کام تیزی سے جاری ہے اور متعلقہ حکام کو ہدایات جاری کر دی گئی ہیں کہ عوام کی سہولت کیلئے تمام ضروری اقدامات بروقت مکمل کئے جائیں۔ اجلاس میں صوبائی وزرا اور اعلی افسران نے شرکت کی۔ حکومت پاکستان کی جانب سے جاری کردہ اعلامیہ کے مطابق مختلف اضلاع میں ترقیاتی منصوبوں پر کام تیزی سے جاری ہے اور متعلقہ حکام کو ہدایات جاری کر دی گئی ہیں کہ عوام کی سہولت کیلئے
خبرنامہ 53
حکومت پاکستان کی جانب سے جاری کردہ اعلامیہ کے مطابق مختلف اضلاع میں ترقیاتی منصوبوں پر کام تیزی سے جاری ہے اور متعلقہ حکام کو ہدایات جاری کر دی گئی ہیں کہ عوام کی سہولت کیلئے تمام ضروری اقدامات بروقت مکمل کئے جائیں۔ اجلاس میں صوبائی وزرا اور اعلی افسران نے شرکت کی۔ حکومت پاکستان کی جانب سے جاری کردہ اعلامیہ کے مطابق مختلف اضلاع میں ترقیاتی منصوبوں پر کام تیزی سے جاری ہے اور
خبرنامہ 54
حکومت پاکستان کی جانب سے جاری کردہ اعلامیہ کے مطابق مختلف اضلاع میں ترقیاتی منصوبوں پر کام تیزی سے جاری ہے اور متعلقہ حکام کو ہدایات
خبرنامہ 55
حکومت پاکستان کی جانب سے جاری کردہ اعلامیہ کے مطابق مختلف اضلاع میں ترقیاتی منصوبوں پر کام تیزی سے جاری ہے اور متعلقہ حکام کو ہدایات
خبرنامہ 56
حکومت پاکستان کی جانب سے جاری کردہ اعلامیہ کے مطابق مختلف اضلاع میں ترقیاتی منصوبوں پر کام تیزی سے جاری ہے اور متعلقہ حکام کو ہدایات جاری کر دی گئی ہیں کہ عوام کی سہولت کیلئے تمام ضروری اقدامات
خبرنامہ 57
حکومت پاکستان کی جانب سے جاری کردہ اعلامیہ کے مطابق مختلف اضلاع
خبرنامہ 58
حکومت پاکستان کی جانب سے جاری کردہ اعلامیہ کے مطابق مختلف اضلاع میں ترقیاتی منصوبوں پر کام تیزی سے جاری ہے اور متعلقہ حکام کو ہدایات جاری کر دی گئی ہیں کہ عوام کی سہولت کیلئے تمام ضروری اقدامات بروقت مکمل کئے جائیں۔ اجلاس میں صوبائی وزرا اور اعلی افسران نے شرکت کی۔ حکومت پاکستان کی جانب سے جاری کردہ اعلامیہ کے مطابق مختلف اضلاع میں ترقیاتی منصوبوں پر کام تیزی سے جاری ہے اور متعلقہ حکام کو ہدایات جاری کر دی گئی ہیں کہ عوام کی سہولت کیلئے تمام ضروری اقدامات بروقت مکمل کئے جائیں۔ اجلاس میں صوبائی وزرا اور اعلی افسران نے شرکت کی۔ حکومت پاکستان کی جانب سے جاری کردہ اعلامیہ کے مطابق مختلف اضلاع میں ترقیاتی منصوبوں پر کام تیزی سے جاری ہے اور متعلقہ حکام کو ہدایات جاری کر دی گئی ہیں کہ عوام کی سہولت کیلئے تمام ضروری اقدامات بروقت مکمل کئے جائیں۔ اجلاس میں صوبائی وزرا اور اعلی افسران نے شرکت کی۔ حکومت پاکستان کی جانب سے جاری کردہ اعلامیہ کے مطابق مختلف اضلاع میں ترقیاتی منصوبوں پر کام تیزی سے جاری ہے اور متعلقہ حکام کو ہدایات جاری کر دی گئی ہیں کہ عوام کی سہولت کیلئے تمام ضروری اقدامات بروقت مکمل کئے جائیں۔ اجلاس میں صوبائی وزرا اور اعلی افسران نے شرکت کی۔
خبرنامہ 59
حکومت پاکستان کی جانب سے جاری کردہ اعلامیہ کے مطابق مختلف اضلاع میں ترقیاتی منصوبوں پر کام تیزی سے جاری ہے اور متعلقہ حکام کو ہدایات جاری کر دی گئی ہیں کہ عوام کی سہولت کیلئے تمام ضروری اقدامات بروقت مکمل کئے جائیں۔ اجلاس میں صوبائی وزرا اور اعلی افسران نے شرکت کی۔ حکومت پاکستان کی جانب سے جاری کردہ اعلامیہ کے مطابق مختلف اضلاع میں ترقیاتی منصوبوں پر کام تیزی سے جاری ہے اور متعلقہ حکام کو ہدایات جاری کر دی گئی ہیں کہ عوام کی سہولت کیلئے تمام ضروری اقدامات بروقت مکمل کئے جائیں۔ اجلاس میں صوبائی وزرا
خبرنامہ 60
حکومت پاکستان کی جانب سے جاری کردہ اعلامیہ کے مطابق مختلف اضلاع میں ترقیاتی منصوبوں پر کام تیزی سے جاری ہے اور متعلقہ حکام کو ہدایات جاری کر دی گئی ہیں کہ عوام کی سہولت کیلئے تمام ضروری اقدامات بروقت مکمل کئے جائیں۔ اجلاس میں صوبائی وزرا اور اعلی افسران نے شرکت کی۔ حکومت پاکستان کی جانب سے جاری کردہ اعلامیہ کے مطابق مختلف اضلاع میں ترقیاتی منصوبوں پر کام تیزی سے جاری ہے اور متعلقہ حکام کو ہدایات جاری کر دی گئی ہیں کہ عوام کی سہولت کیلئے
خبرنامہ 61
حکومت پاکستان کی جانب سے جاری کردہ اعلامیہ کے مطابق مختلف اضلاع میں ترقیاتی منصوبوں پر کام تیزی سے جاری ہے اور متعلقہ حکام کو ہدایات جاری کر دی گئی ہیں کہ عوام کی سہولت کیلئے تمام ضروری اقدامات
خبرنامہ 62
حکومت پاکستان کی جانب سے جاری کردہ اعلامیہ کے مطابق مختلف اضلاع میں ترقیاتی منصوبوں پر کام تیزی سے جاری ہے اور متعلقہ حکام کو ہدایات جاری کر دی گئی ہیں کہ عوام کی سہولت کیلئے تمام ضروری اقدامات بروقت مکمل کئے جائیں۔ اجلاس میں صوبائی وزرا اور اعلی افسران نے شرکت کی۔ حکومت پاکستان کی جانب سے جاری کردہ اعلامیہ کے
خبرنامہ 63
حکومت پاکستان کی جانب سے جاری کردہ اعلامیہ کے مطابق مختلف اضلاع میں ترقیاتی منصوبوں پر کام تیزی سے جاری ہے اور متعلقہ حکام کو ہدایات جاری کر دی گئی ہیں کہ عوام کی سہولت کیلئے تمام ضروری اقدامات بروقت مکمل کئے جائیں۔ اجلاس میں صوبائی وزرا اور اعلی افسران نے شرکت کی۔ حکومت پاکستان کی جانب سے جاری کردہ اعلامیہ کے مطابق مختلف اضلاع میں ترقیاتی منصوبوں پر کام تیزی سے جاری ہے اور
